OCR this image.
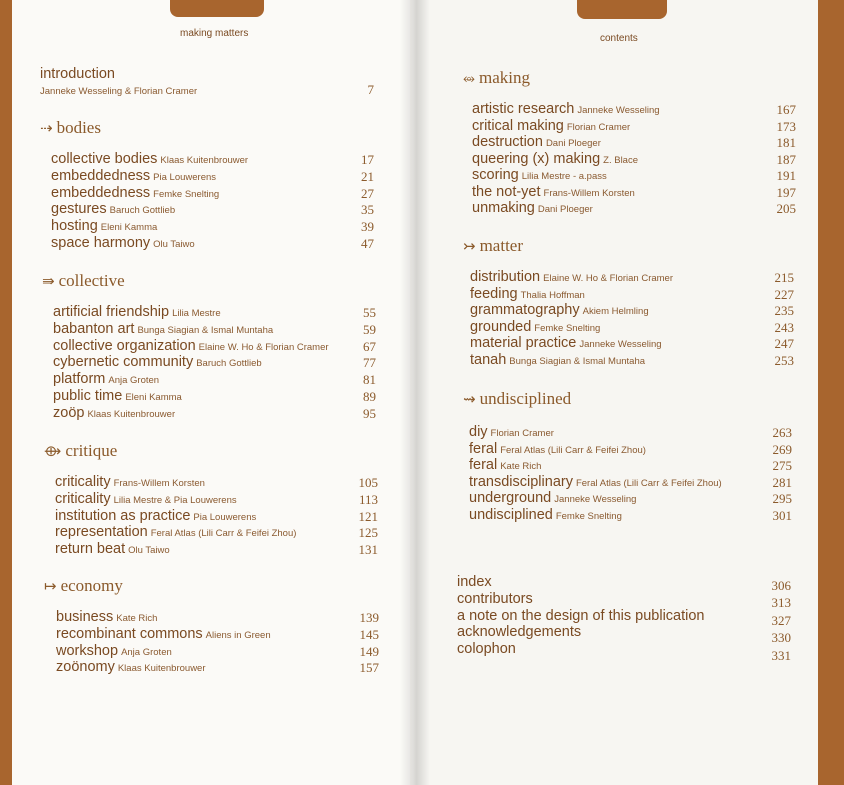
making matters	contents
introduction
Janneke Wesseling & Florian Cramer	7
⇢ bodies
collective bodies Klaas Kuitenbrouwer	17
embeddedness Pia Louwerens	21
embeddedness Femke Snelting	27
gestures Baruch Gottlieb	35
hosting Eleni Kamma	39
space harmony Olu Taiwo	47
⇛ collective
artificial friendship Lilia Mestre	55
babanton art Bunga Siagian & Ismal Muntaha	59
collective organization Elaine W. Ho & Florian Cramer	67
cybernetic community Baruch Gottlieb	77
platform Anja Groten	81
public time Eleni Kamma	89
zoöp Klaas Kuitenbrouwer	95
⟴ critique
criticality Frans-Willem Korsten	105
criticality Lilia Mestre & Pia Louwerens	113
institution as practice Pia Louwerens	121
representation Feral Atlas (Lili Carr & Feifei Zhou)	125
return beat Olu Taiwo	131
↦ economy
business Kate Rich	139
recombinant commons Aliens in Green	145
workshop Anja Groten	149
zoönomy Klaas Kuitenbrouwer	157
⥈ making
artistic research Janneke Wesseling	167
critical making Florian Cramer	173
destruction Dani Ploeger	181
queering (x) making Z. Blace	187
scoring Lilia Mestre - a.pass	191
the not-yet Frans-Willem Korsten	197
unmaking Dani Ploeger	205
↣ matter
distribution Elaine W. Ho & Florian Cramer	215
feeding Thalia Hoffman	227
grammatography Akiem Helmling	235
grounded Femke Snelting	243
material practice Janneke Wesseling	247
tanah Bunga Siagian & Ismal Muntaha	253
⇝ undisciplined
diy Florian Cramer	263
feral Feral Atlas (Lili Carr & Feifei Zhou)	269
feral Kate Rich	275
transdisciplinary Feral Atlas (Lili Carr & Feifei Zhou)	281
underground Janneke Wesseling	295
undisciplined Femke Snelting	301
index	306
contributors	313
a note on the design of this publication	327
acknowledgements	330
colophon	331
